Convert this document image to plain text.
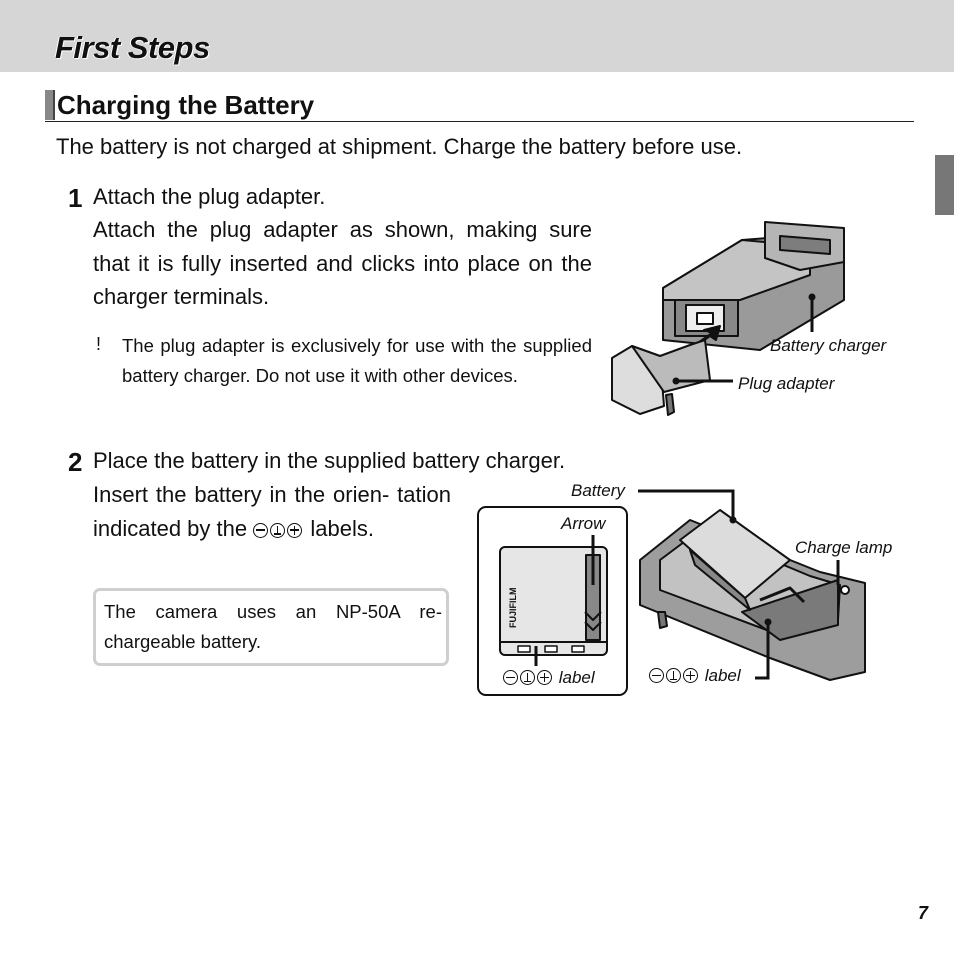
First Steps
Charging the Battery
The battery is not charged at shipment. Charge the battery before use.
1 Attach the plug adapter.
Attach the plug adapter as shown, making sure that it is fully inserted and clicks into place on the charger terminals.
! The plug adapter is exclusively for use with the supplied battery charger. Do not use it with other devices.
2 Place the battery in the supplied battery charger.
Insert the battery in the orien- tation indicated by the	labels.
The camera uses an NP-50A re- chargeable battery.
Battery charger
Plug adapter
Battery
Arrow
Charge lamp
FUJIFILM
label	label
7
